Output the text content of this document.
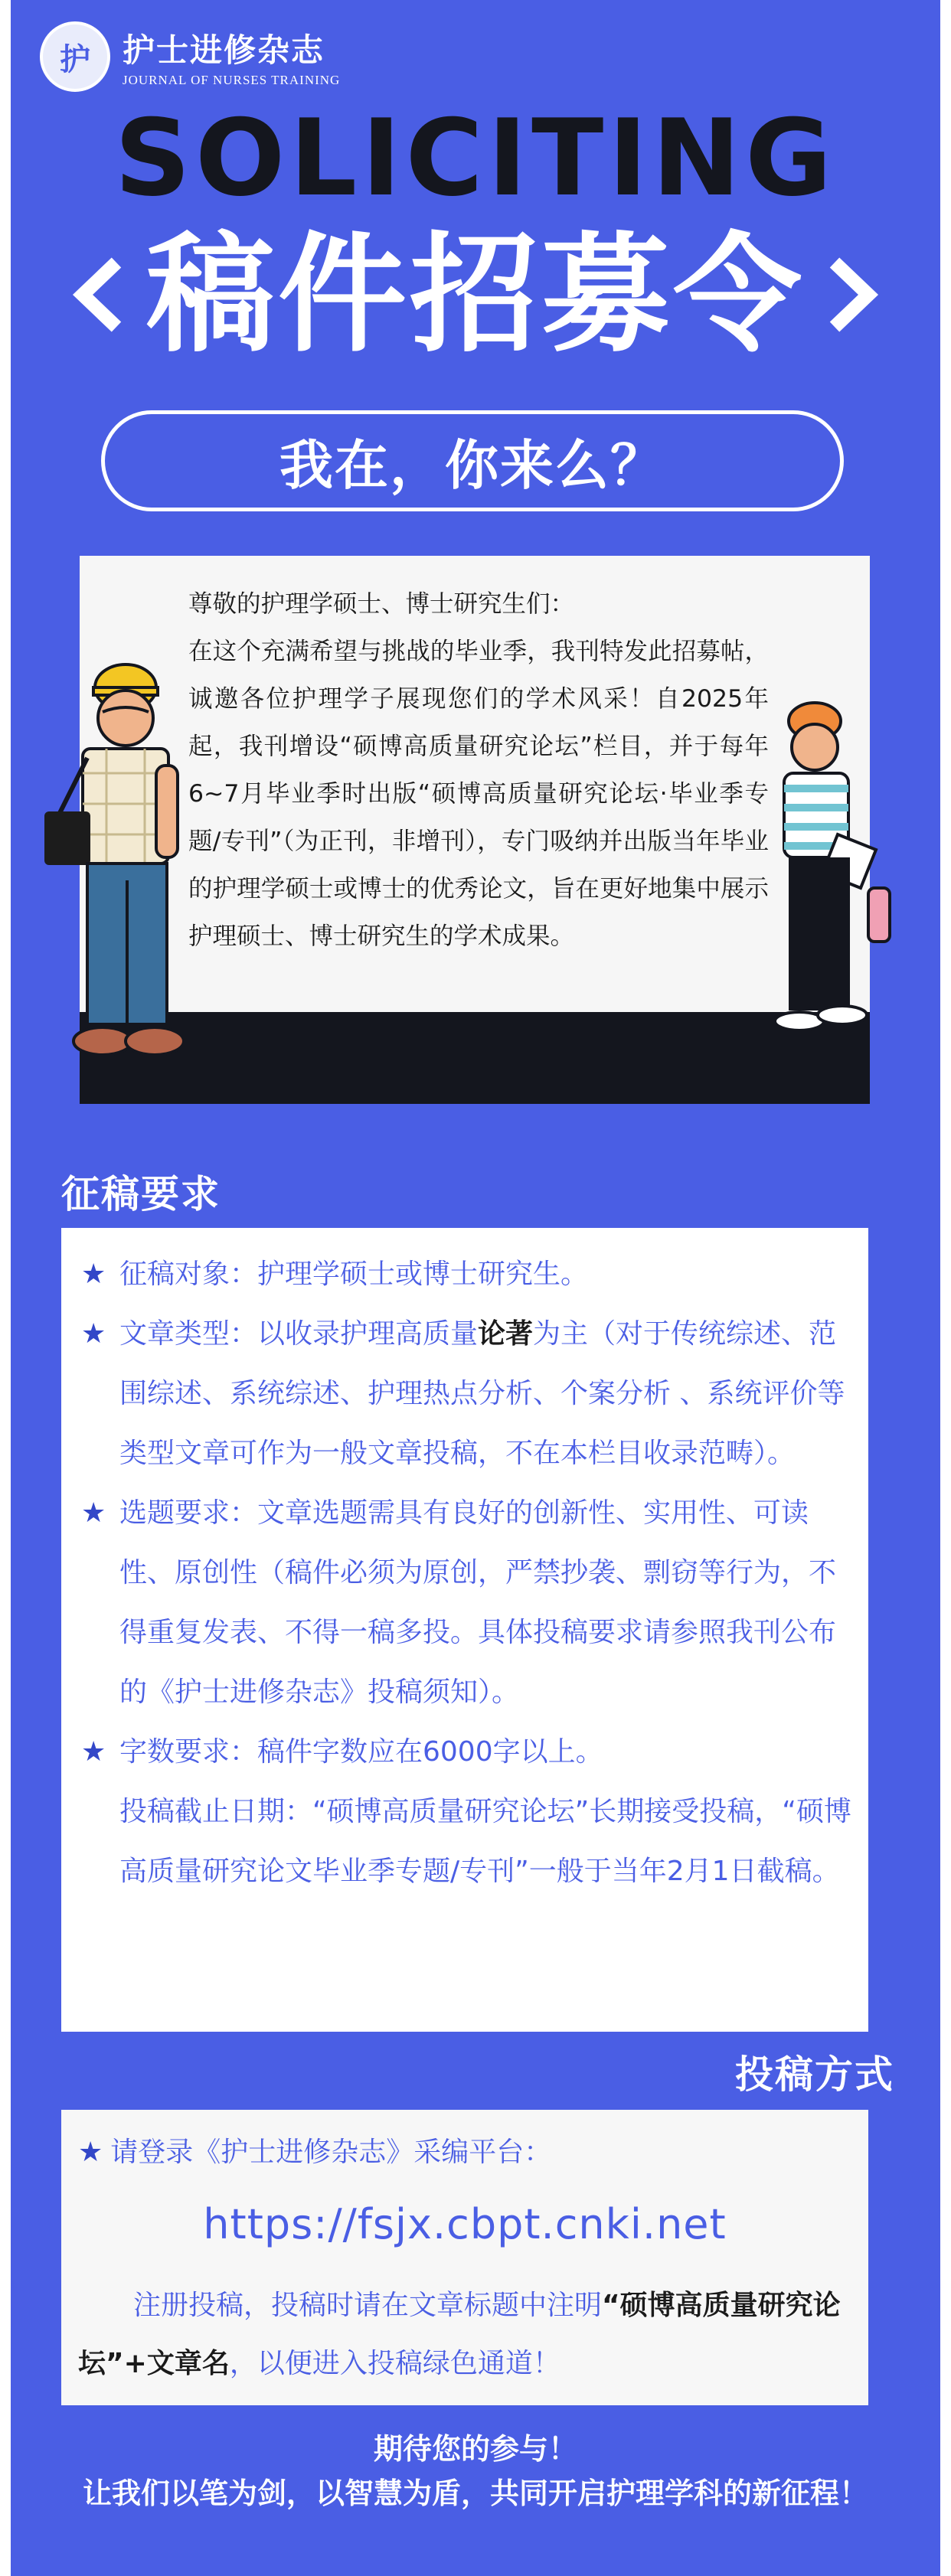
护	护士进修杂志
JOURNAL OF NURSES TRAINING
SOLICITING
稿件招募令
我在，你来么？

尊敬的护理学硕士、博士研究生们：

在这个充满希望与挑战的毕业季，我刊特发此招募帖，诚邀各位护理学子展现您们的学术风采！自2025年起，我刊增设“硕博高质量研究论坛”栏目，并于每年6~7月毕业季时出版“硕博高质量研究论坛·毕业季专题/专刊”（为正刊，非增刊），专门吸纳并出版当年毕业的护理学硕士或博士的优秀论文，旨在更好地集中展示护理硕士、博士研究生的学术成果。

征稿要求
★ 征稿对象：护理学硕士或博士研究生。
★ 文章类型：以收录护理高质量论著为主（对于传统综述、范围综述、系统综述、护理热点分析、个案分析 、系统评价等类型文章可作为一般文章投稿，不在本栏目收录范畴）。
★ 选题要求：文章选题需具有良好的创新性、实用性、可读性、原创性（稿件必须为原创，严禁抄袭、剽窃等行为，不得重复发表、不得一稿多投。具体投稿要求请参照我刊公布的《护士进修杂志》投稿须知）。
★ 字数要求：稿件字数应在6000字以上。
投稿截止日期：“硕博高质量研究论坛”长期接受投稿，“硕博高质量研究论文毕业季专题/专刊”一般于当年2月1日截稿。
投稿方式
★ 请登录《护士进修杂志》采编平台：
https://fsjx.cbpt.cnki.net
注册投稿，投稿时请在文章标题中注明“硕博高质量研究论坛”+文章名，以便进入投稿绿色通道！
期待您的参与！
让我们以笔为剑，以智慧为盾，共同开启护理学科的新征程！
